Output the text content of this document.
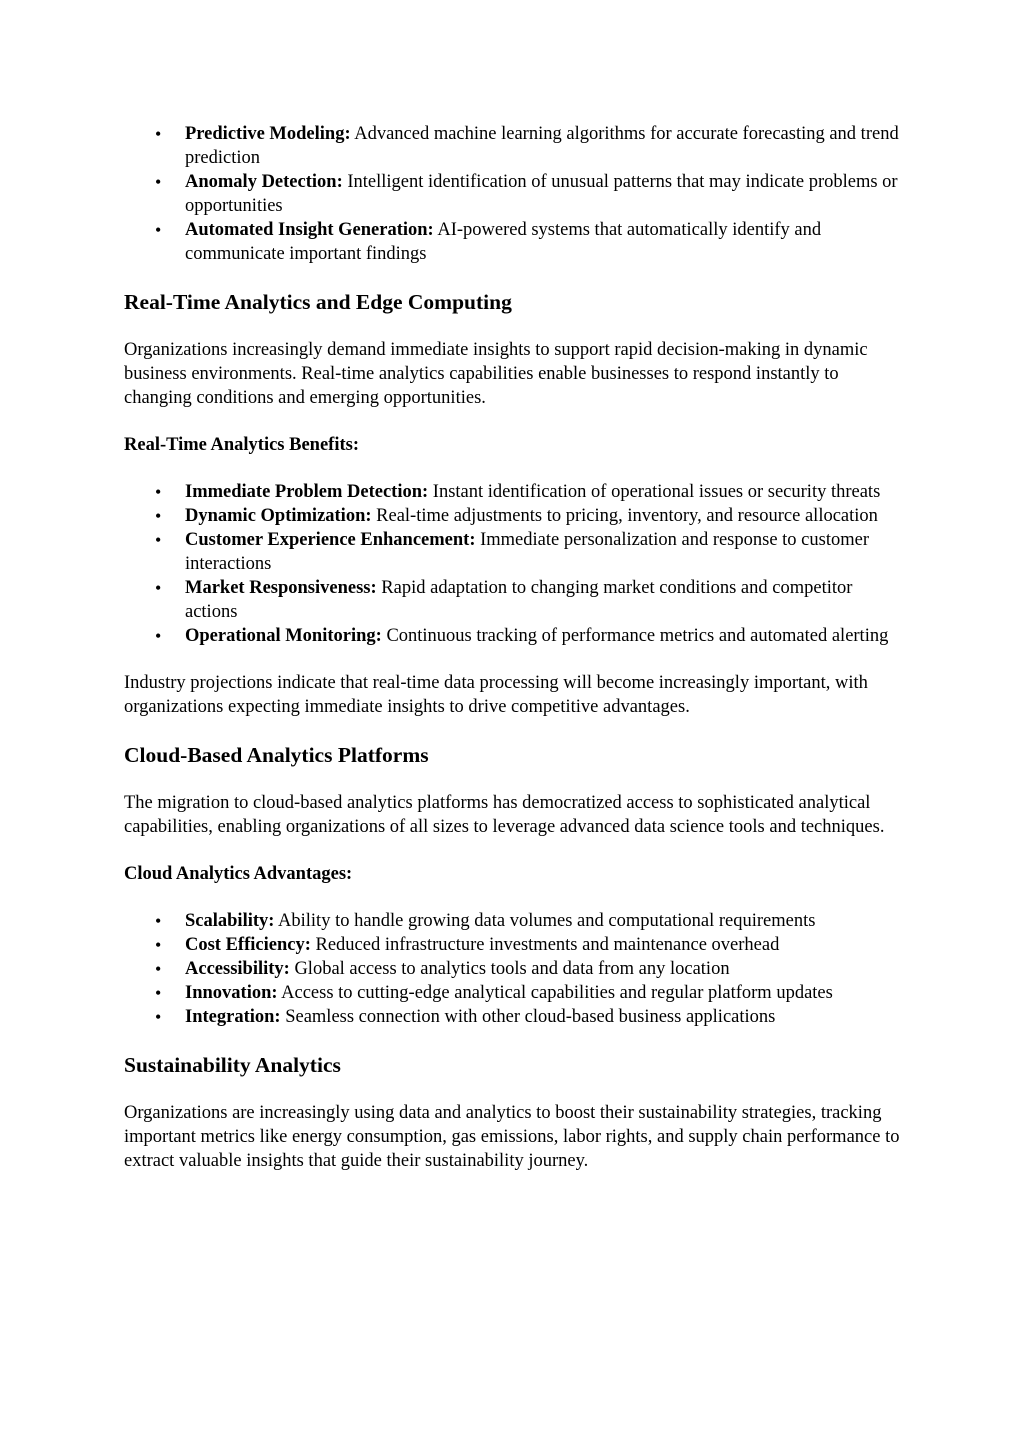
• Predictive Modeling: Advanced machine learning algorithms for accurate forecasting and trend prediction
• Anomaly Detection: Intelligent identification of unusual patterns that may indicate problems or opportunities
• Automated Insight Generation: AI-powered systems that automatically identify and communicate important findings
Real-Time Analytics and Edge Computing

Organizations increasingly demand immediate insights to support rapid decision-making in dynamic business environments. Real-time analytics capabilities enable businesses to respond instantly to changing conditions and emerging opportunities.

Real-Time Analytics Benefits:

• Immediate Problem Detection: Instant identification of operational issues or security threats
• Dynamic Optimization: Real-time adjustments to pricing, inventory, and resource allocation
• Customer Experience Enhancement: Immediate personalization and response to customer interactions
• Market Responsiveness: Rapid adaptation to changing market conditions and competitor actions
• Operational Monitoring: Continuous tracking of performance metrics and automated alerting

Industry projections indicate that real-time data processing will become increasingly important, with organizations expecting immediate insights to drive competitive advantages.

Cloud-Based Analytics Platforms

The migration to cloud-based analytics platforms has democratized access to sophisticated analytical capabilities, enabling organizations of all sizes to leverage advanced data science tools and techniques.

Cloud Analytics Advantages:

• Scalability: Ability to handle growing data volumes and computational requirements
• Cost Efficiency: Reduced infrastructure investments and maintenance overhead
• Accessibility: Global access to analytics tools and data from any location
• Innovation: Access to cutting-edge analytical capabilities and regular platform updates
• Integration: Seamless connection with other cloud-based business applications
Sustainability Analytics

Organizations are increasingly using data and analytics to boost their sustainability strategies, tracking important metrics like energy consumption, gas emissions, labor rights, and supply chain performance to extract valuable insights that guide their sustainability journey.
